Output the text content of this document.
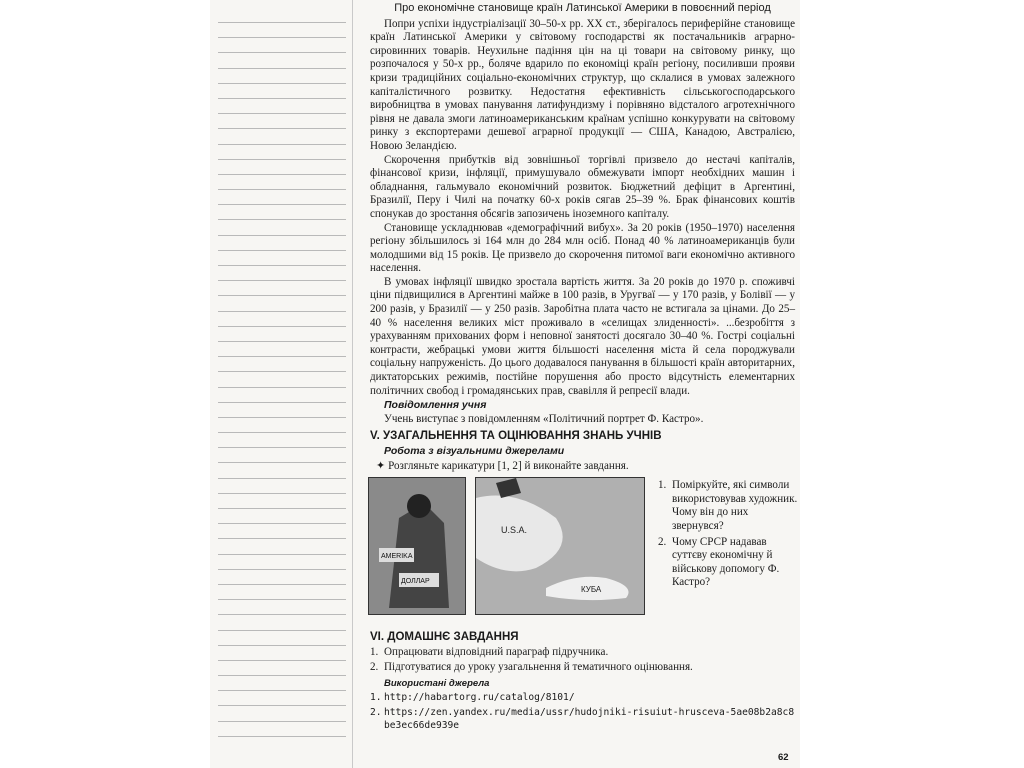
Про економічне становище країн Латинської Америки в повоєнний період

Попри успіхи індустріалізації 30–50-х рр. XX ст., зберігалось периферійне становище країн Латинської Америки у світовому господарстві як постачальників аграрно-сировинних товарів. Неухильне падіння цін на ці товари на світовому ринку, що розпочалося у 50-х рр., боляче вдарило по економіці країн регіону, посиливши прояви кризи традиційних соціально-економічних структур, що склалися в умовах залежного капіталістичного розвитку. Недостатня ефективність сільськогосподарського виробництва в умовах панування латифундизму і порівняно відсталого агротехнічного рівня не давала змоги латиноамериканським країнам успішно конкурувати на світовому ринку з експортерами дешевої аграрної продукції — США, Канадою, Австралією, Новою Зеландією.

Скорочення прибутків від зовнішньої торгівлі призвело до нестачі капіталів, фінансової кризи, інфляції, примушувало обмежувати імпорт необхідних машин і обладнання, гальмувало економічний розвиток. Бюджетний дефіцит в Аргентині, Бразилії, Перу і Чилі на початку 60-х років сягав 25–39 %. Брак фінансових коштів спонукав до зростання обсягів запозичень іноземного капіталу.

Становище ускладнював «демографічний вибух». За 20 років (1950–1970) населення регіону збільшилось зі 164 млн до 284 млн осіб. Понад 40 % латиноамериканців були молодшими від 15 років. Це призвело до скорочення питомої ваги економічно активного населення.

В умовах інфляції швидко зростала вартість життя. За 20 років до 1970 р. споживчі ціни підвищилися в Аргентині майже в 100 разів, в Уругваї — у 170 разів, у Болівії — у 200 разів, у Бразилії — у 250 разів. Заробітна плата часто не встигала за цінами. До 25–40 % населення великих міст проживало в «селищах злиденності». ...безробіття з урахуванням прихованих форм і неповної занятості досягало 30–40 %. Гострі соціальні контрасти, жебрацькі умови життя більшості населення міста й села породжували соціальну напруженість. До цього додавалося панування в більшості країн авторитарних, диктаторських режимів, постійне порушення або просто відсутність елементарних політичних свобод і громадянських прав, свавілля й репресії влади.

Повідомлення учня
Учень виступає з повідомленням «Політичний портрет Ф. Кастро».
V. УЗАГАЛЬНЕННЯ ТА ОЦІНЮВАННЯ ЗНАНЬ УЧНІВ
Робота з візуальними джерелами
✦ Розгляньте карикатури [1, 2] й виконайте завдання.
AMERIKA
ДОЛЛАР
U.S.A.
КУБА
1. Поміркуйте, які символи використовував художник. Чому він до них звернувся?
2. Чому СРСР надавав суттєву економічну й військову допомогу Ф. Кастро?
VI. ДОМАШНЄ ЗАВДАННЯ
1. Опрацювати відповідний параграф підручника.
2. Підготуватися до уроку узагальнення й тематичного оцінювання.
Використані джерела
1. http://habartorg.ru/catalog/8101/
2. https://zen.yandex.ru/media/ussr/hudojniki-risuiut-hrusceva-5ae08b2a8c8be3ec66de939e
62
